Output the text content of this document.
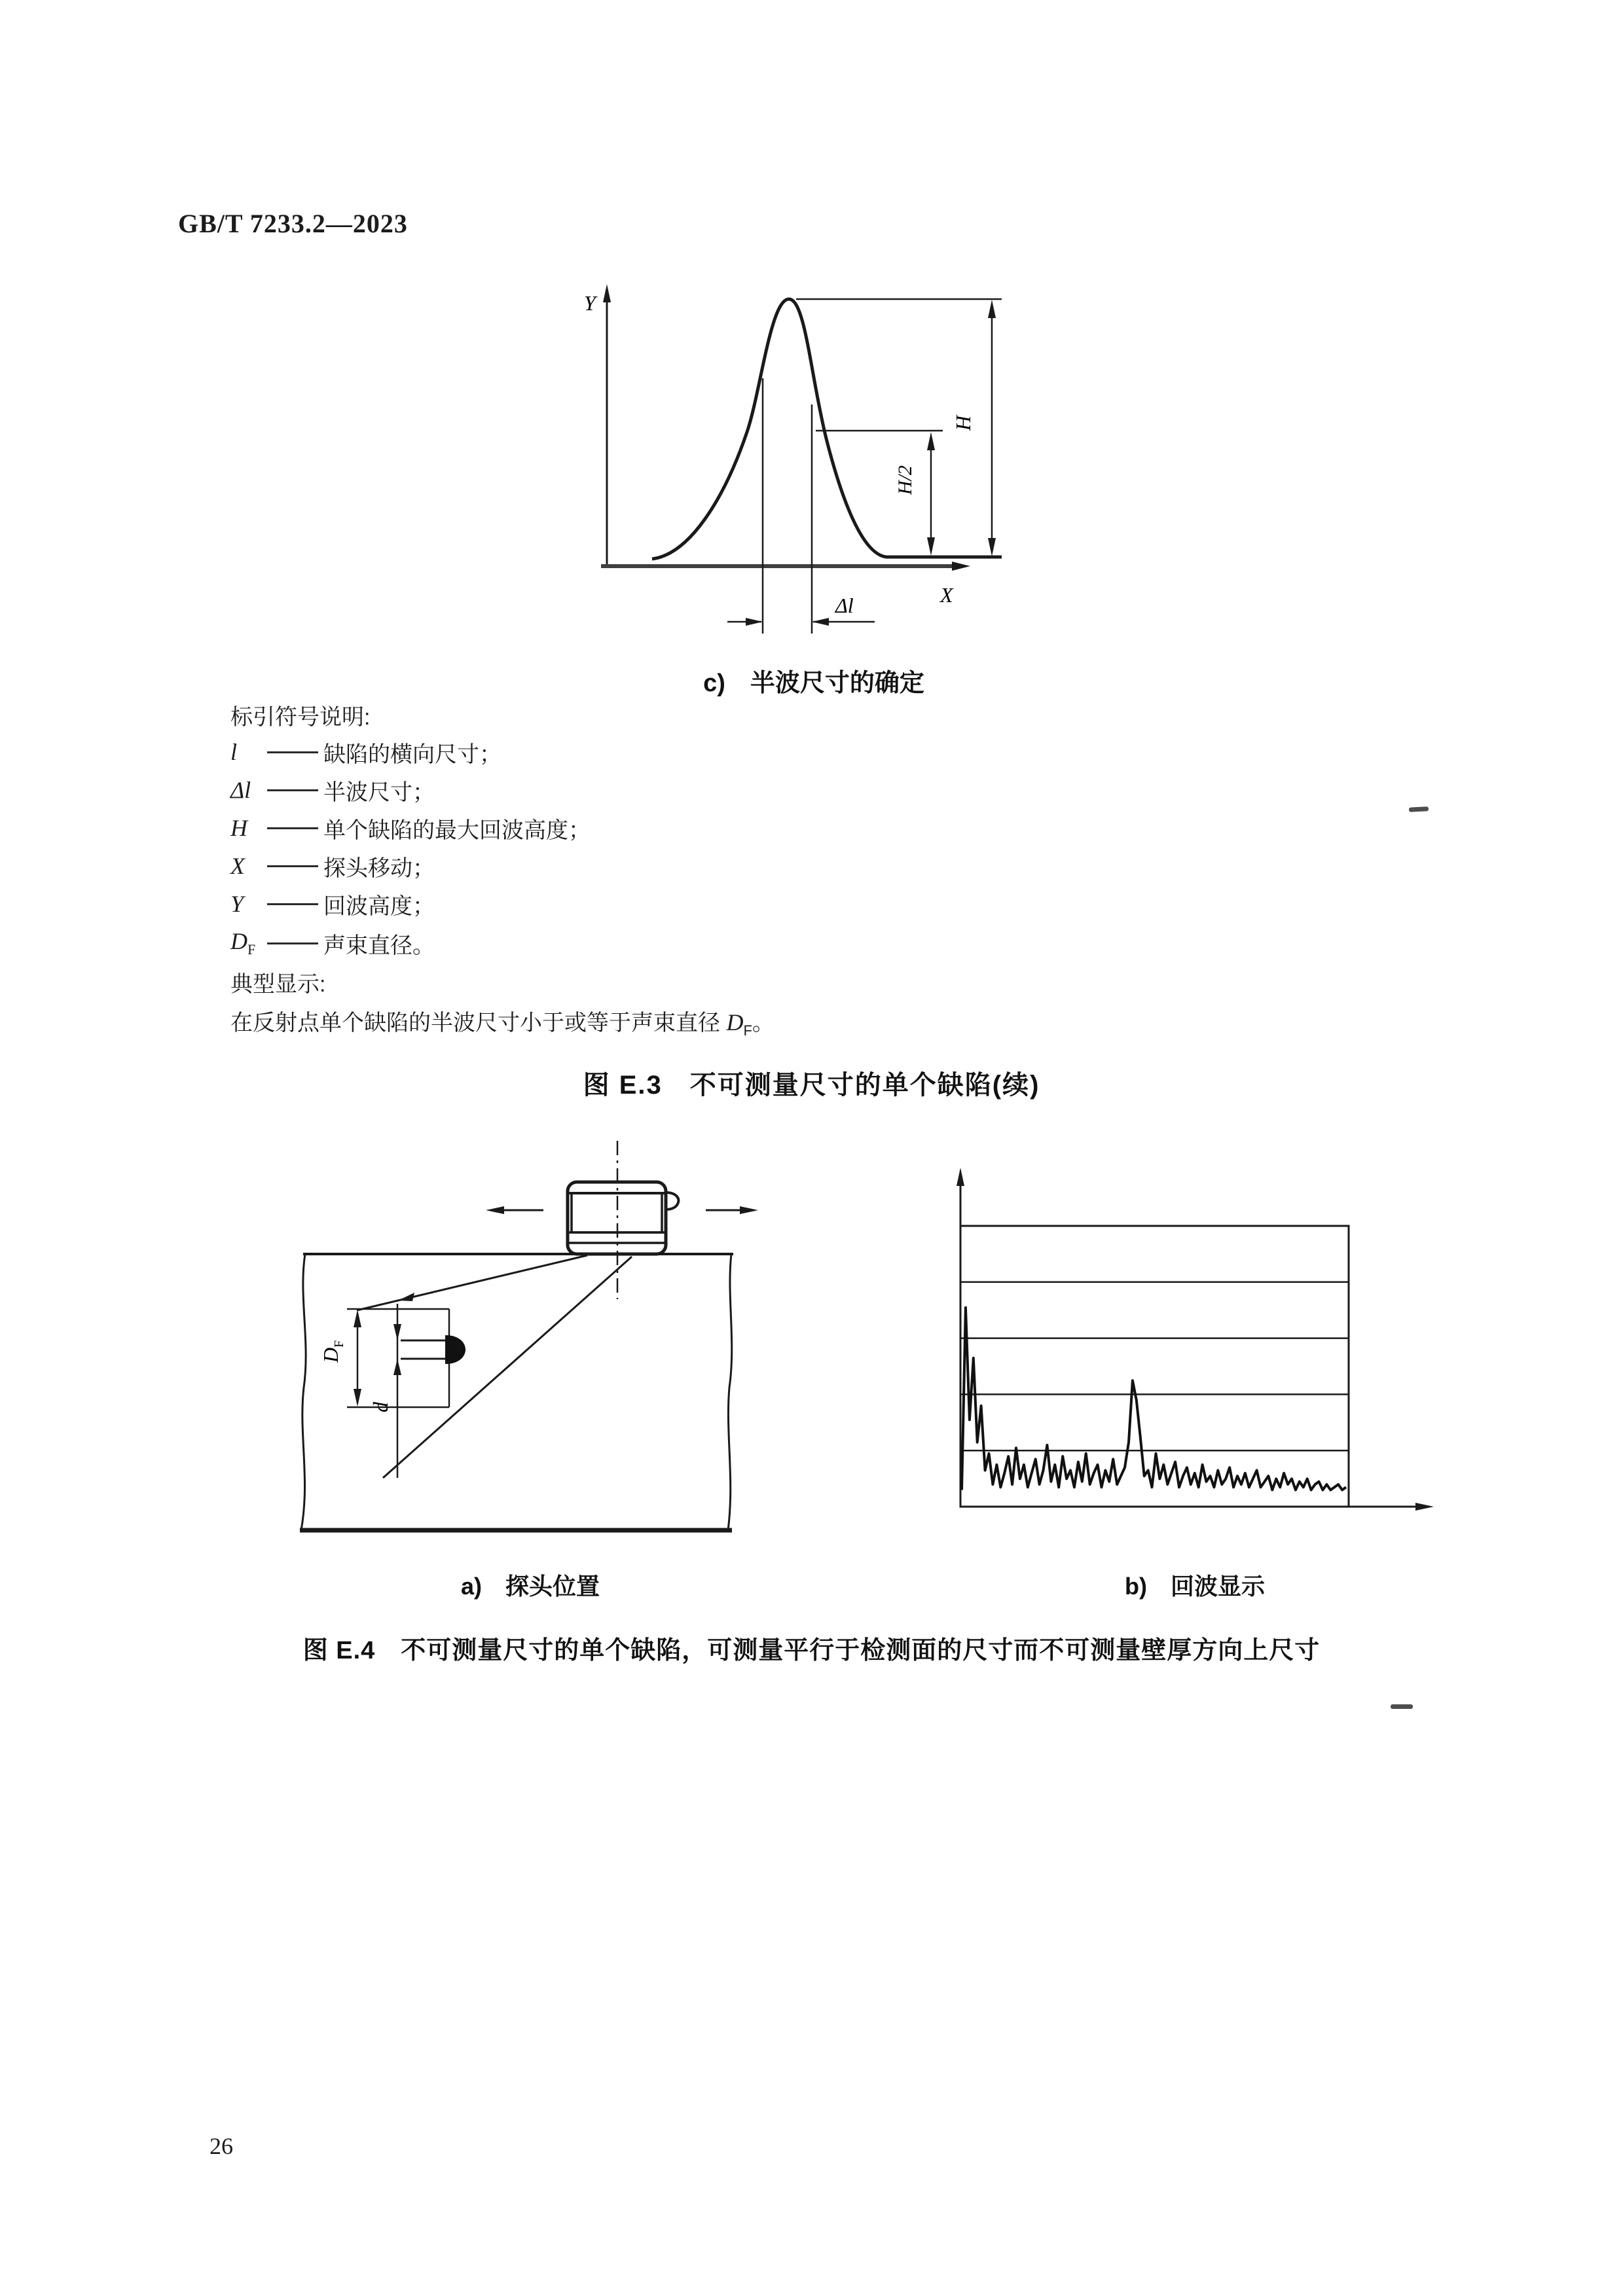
GB/T 7233.2—2023
Y
X
H
H/2
Δl
c)　半波尺寸的确定
标引符号说明:
l	缺陷的横向尺寸；
Δl	半波尺寸；
H	单个缺陷的最大回波高度；
X	探头移动；
Y	回波高度；
$D_F$	声束直径。
典型显示:
在反射点单个缺陷的半波尺寸小于或等于声束直径 $D_F$。
图 E.3　不可测量尺寸的单个缺陷(续)
$D_F$
d
a)　探头位置	b)　回波显示
图 E.4　不可测量尺寸的单个缺陷，可测量平行于检测面的尺寸而不可测量壁厚方向上尺寸
26
